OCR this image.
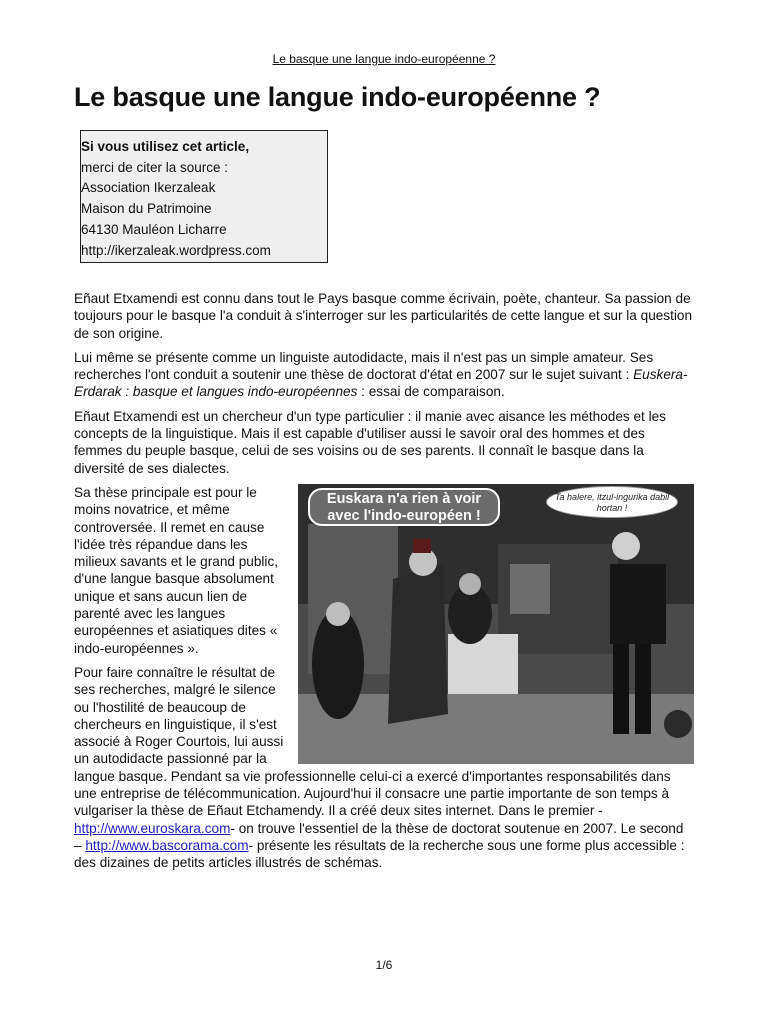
Le basque une langue indo-européenne ?
Le basque une langue indo-européenne ?
Si vous utilisez cet article,
merci de citer la source :
Association Ikerzaleak
Maison du Patrimoine
64130 Mauléon Licharre
http://ikerzaleak.wordpress.com

Eñaut Etxamendi est connu dans tout le Pays basque comme écrivain, poète, chanteur. Sa passion de toujours pour le basque l'a conduit à s'interroger sur les particularités de cette langue et sur la question de son origine.

Lui même se présente comme un linguiste autodidacte, mais il n'est pas un simple amateur. Ses recherches l'ont conduit a soutenir une thèse de doctorat d'état en 2007 sur le sujet suivant : Euskera-Erdarak : basque et langues indo-européennes : essai de comparaison.

Eñaut Etxamendi est un chercheur d'un type particulier : il manie avec aisance les méthodes et les concepts de la linguistique. Mais il est capable d'utiliser aussi le savoir oral des hommes et des femmes du peuple basque, celui de ses voisins ou de ses parents. Il connaît le basque dans la diversité de ses dialectes.

Euskara n'a rien à voir avec l'indo-européen !
Ta halere, itzul-ingurika dabil hortan !

Sa thèse principale est pour le moins novatrice, et même controversée. Il remet en cause l'idée très répandue dans les milieux savants et le grand public, d'une langue basque absolument unique et sans aucun lien de parenté avec les langues européennes et asiatiques dites « indo-européennes ».

Pour faire connaître le résultat de ses recherches, malgré le silence ou l'hostilité de beaucoup de chercheurs en linguistique, il s'est associé à Roger Courtois, lui aussi un autodidacte passionné par la langue basque. Pendant sa vie professionnelle celui-ci a exercé d'importantes responsabilités dans une entreprise de télécommunication. Aujourd'hui il consacre une partie importante de son temps à vulgariser la thèse de Eñaut Etchamendy. Il a créé deux sites internet. Dans le premier - http://www.euroskara.com- on trouve l'essentiel de la thèse de doctorat soutenue en 2007. Le second – http://www.bascorama.com- présente les résultats de la recherche sous une forme plus accessible : des dizaines de petits articles illustrés de schémas.

1/6
